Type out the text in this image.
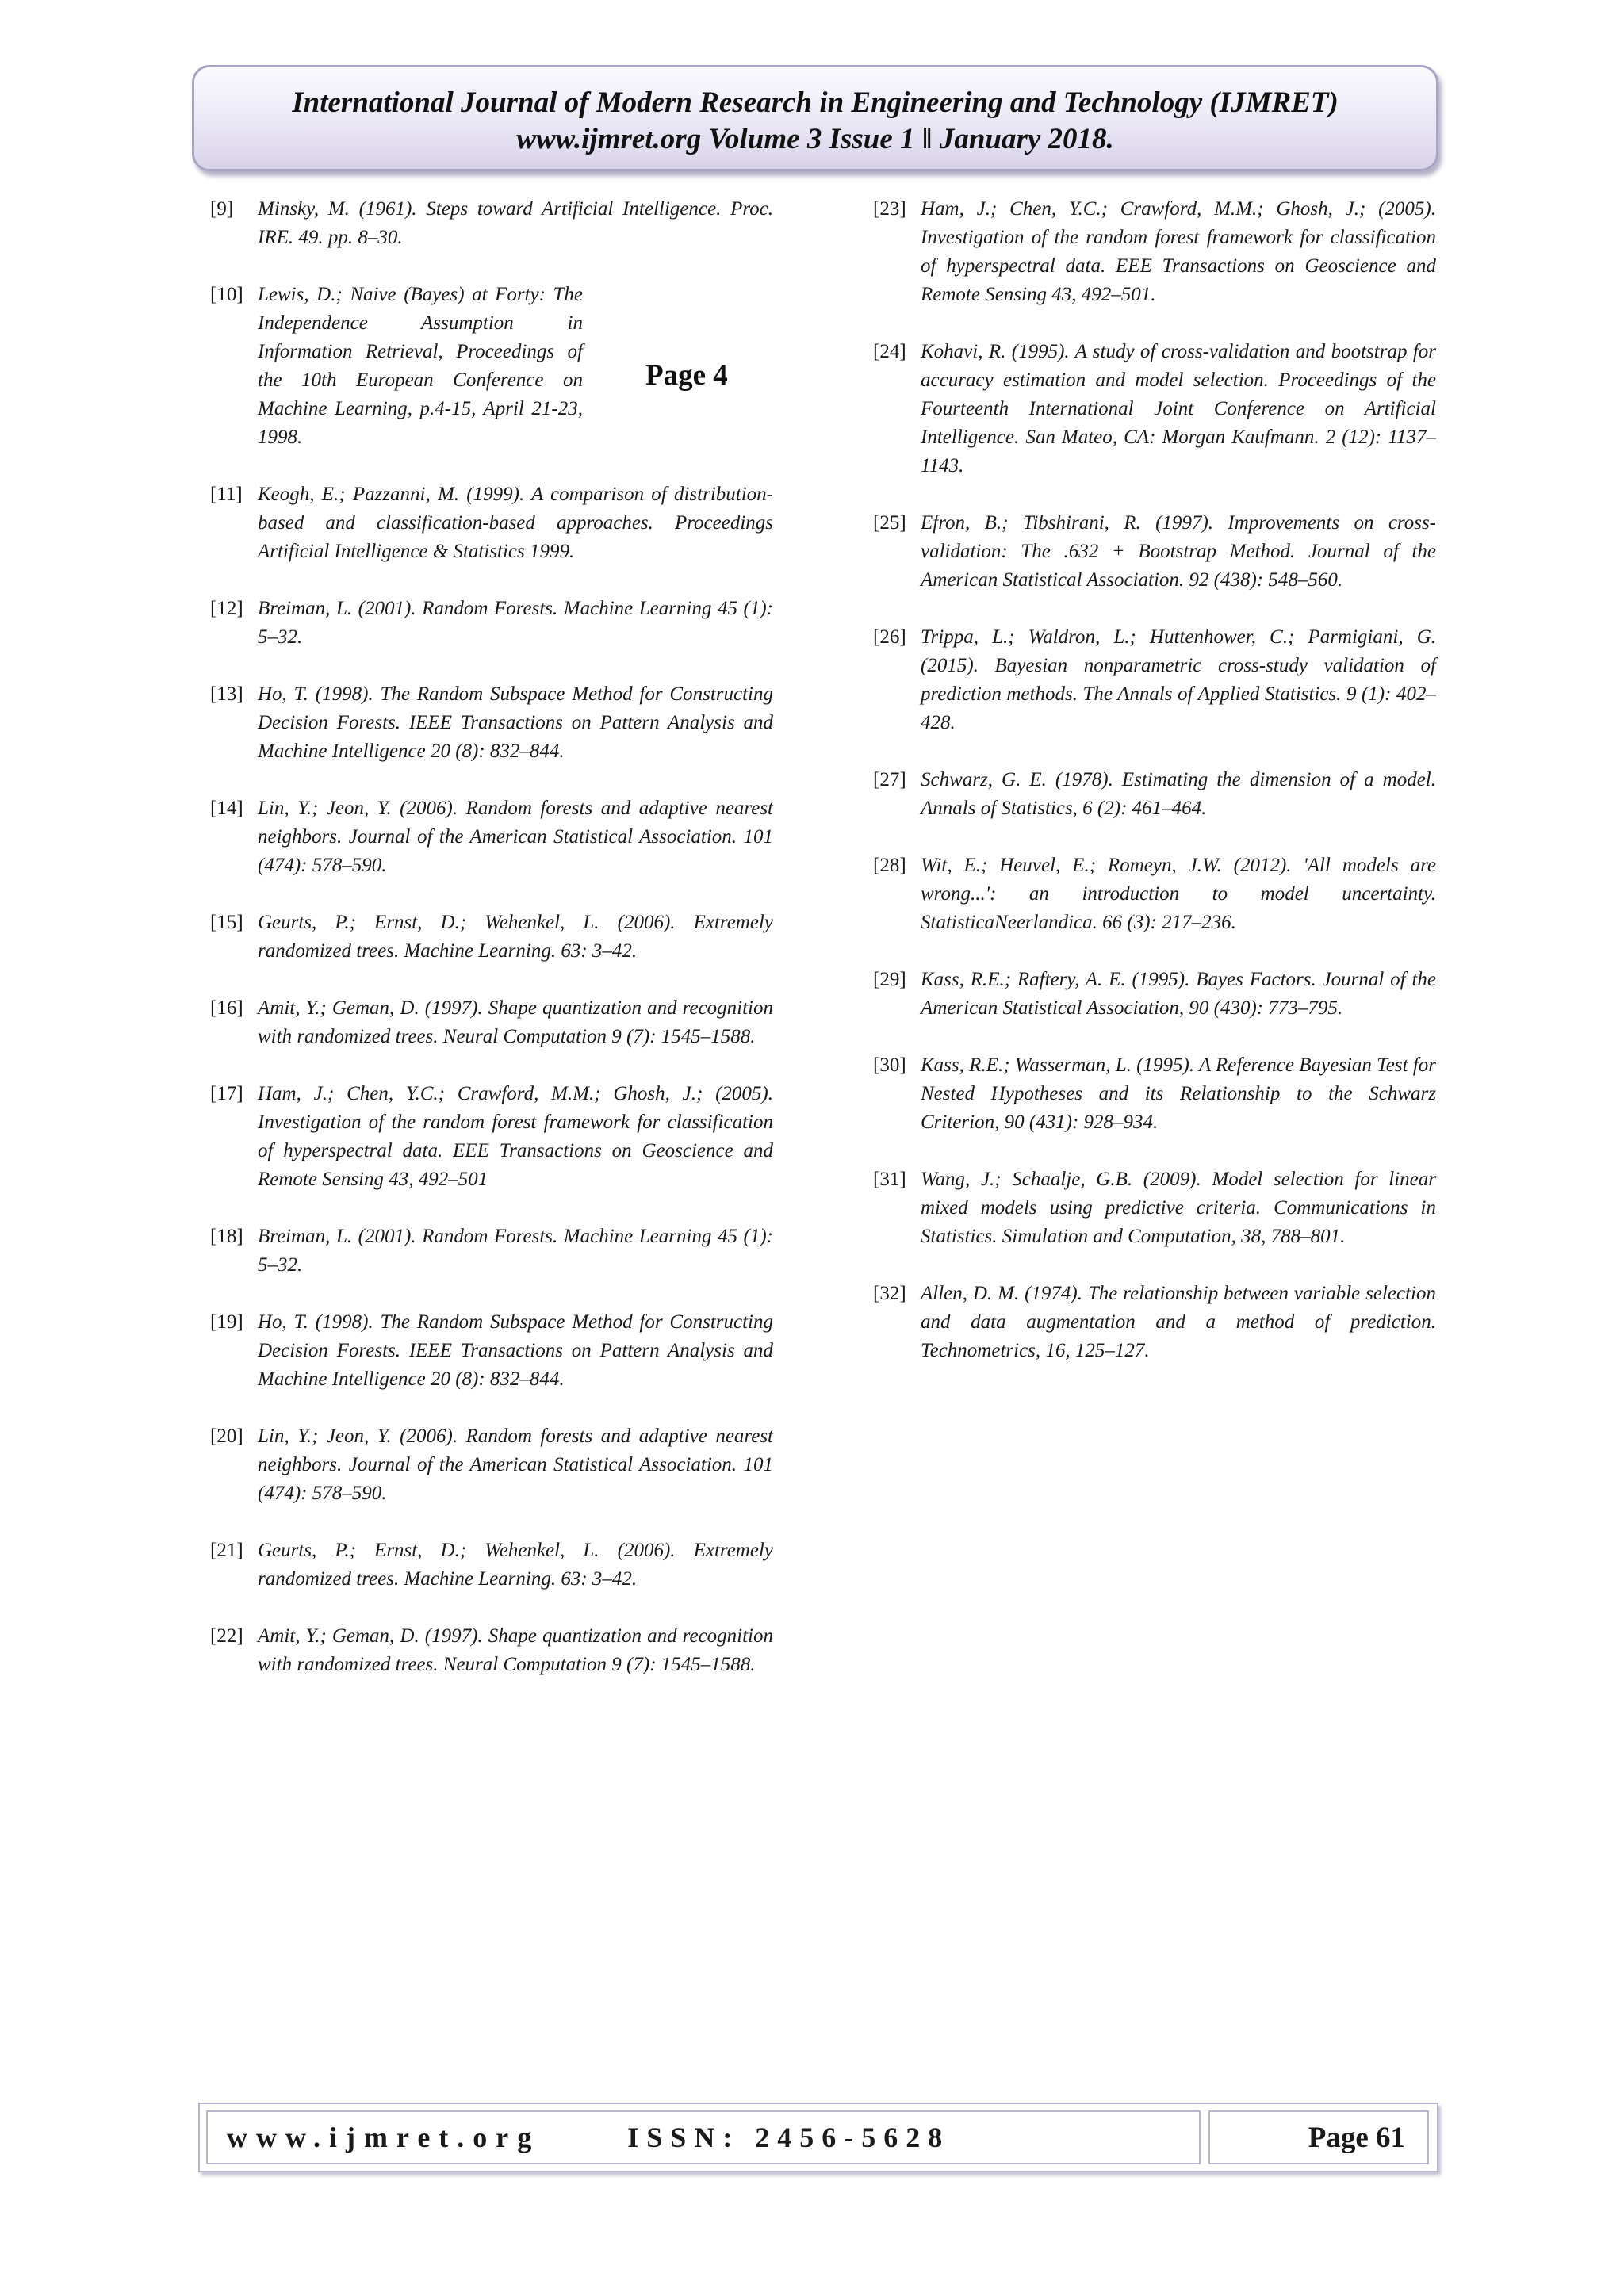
International Journal of Modern Research in Engineering and Technology (IJMRET)
www.ijmret.org Volume 3 Issue 1 ǁ January 2018.
[9]	Minsky, M. (1961). Steps toward Artificial Intelligence. Proc. IRE. 49. pp. 8–30.
[10] Lewis, D.; Naive (Bayes) at Forty: The Independence Assumption in Information Retrieval, Proceedings of the 10th European Conference on Machine Learning, p.4-15, April 21-23, 1998.
[11] Keogh, E.; Pazzanni, M. (1999). A comparison of distribution-based and classification-based approaches. Proceedings Artificial Intelligence & Statistics 1999.
[12] Breiman, L. (2001). Random Forests. Machine Learning 45 (1): 5–32.
[13] Ho, T. (1998). The Random Subspace Method for Constructing Decision Forests. IEEE Transactions on Pattern Analysis and Machine Intelligence 20 (8): 832–844.
[14] Lin, Y.; Jeon, Y. (2006). Random forests and adaptive nearest neighbors. Journal of the American Statistical Association. 101 (474): 578–590.
[15] Geurts, P.; Ernst, D.; Wehenkel, L. (2006). Extremely randomized trees. Machine Learning. 63: 3–42.
[16] Amit, Y.; Geman, D. (1997). Shape quantization and recognition with randomized trees. Neural Computation 9 (7): 1545–1588.
[17] Ham, J.; Chen, Y.C.; Crawford, M.M.; Ghosh, J.; (2005). Investigation of the random forest framework for classification of hyperspectral data. EEE Transactions on Geoscience and Remote Sensing 43, 492–501
[18] Breiman, L. (2001). Random Forests. Machine Learning 45 (1): 5–32.
[19] Ho, T. (1998). The Random Subspace Method for Constructing Decision Forests. IEEE Transactions on Pattern Analysis and Machine Intelligence 20 (8): 832–844.
[20] Lin, Y.; Jeon, Y. (2006). Random forests and adaptive nearest neighbors. Journal of the American Statistical Association. 101 (474): 578–590.
[21] Geurts, P.; Ernst, D.; Wehenkel, L. (2006). Extremely randomized trees. Machine Learning. 63: 3–42.
[22] Amit, Y.; Geman, D. (1997). Shape quantization and recognition with randomized trees. Neural Computation 9 (7): 1545–1588.
Page 4
[23] Ham, J.; Chen, Y.C.; Crawford, M.M.; Ghosh, J.; (2005). Investigation of the random forest framework for classification of hyperspectral data. EEE Transactions on Geoscience and Remote Sensing 43, 492–501.
[24] Kohavi, R. (1995). A study of cross-validation and bootstrap for accuracy estimation and model selection. Proceedings of the Fourteenth International Joint Conference on Artificial Intelligence. San Mateo, CA: Morgan Kaufmann. 2 (12): 1137–1143.
[25] Efron, B.; Tibshirani, R. (1997). Improvements on cross-validation: The .632 + Bootstrap Method. Journal of the American Statistical Association. 92 (438): 548–560.
[26] Trippa, L.; Waldron, L.; Huttenhower, C.; Parmigiani, G. (2015). Bayesian nonparametric cross-study validation of prediction methods. The Annals of Applied Statistics. 9 (1): 402–428.
[27] Schwarz, G. E. (1978). Estimating the dimension of a model. Annals of Statistics, 6 (2): 461–464.
[28] Wit, E.; Heuvel, E.; Romeyn, J.W. (2012). 'All models are wrong...': an introduction to model uncertainty. StatisticaNeerlandica. 66 (3): 217–236.
[29] Kass, R.E.; Raftery, A. E. (1995). Bayes Factors. Journal of the American Statistical Association, 90 (430): 773–795.
[30] Kass, R.E.; Wasserman, L. (1995). A Reference Bayesian Test for Nested Hypotheses and its Relationship to the Schwarz Criterion, 90 (431): 928–934.
[31] Wang, J.; Schaalje, G.B. (2009). Model selection for linear mixed models using predictive criteria. Communications in Statistics. Simulation and Computation, 38, 788–801.
[32] Allen, D. M. (1974). The relationship between variable selection and data augmentation and a method of prediction. Technometrics, 16, 125–127.
www.ijmret.org	ISSN: 2456-5628	Page 61
